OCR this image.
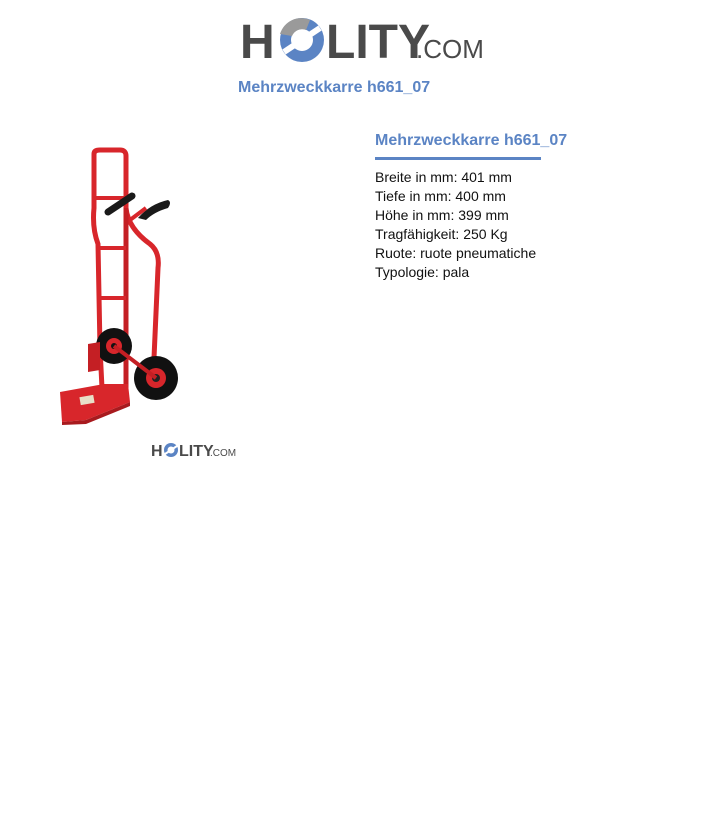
H LITY
.COM
Mehrzweckkarre h661_07
H LITY
.COM
Mehrzweckkarre h661_07
Breite in mm: 401 mm
Tiefe in mm: 400 mm
Höhe in mm: 399 mm
Tragfähigkeit: 250 Kg
Ruote: ruote pneumatiche
Typologie: pala
